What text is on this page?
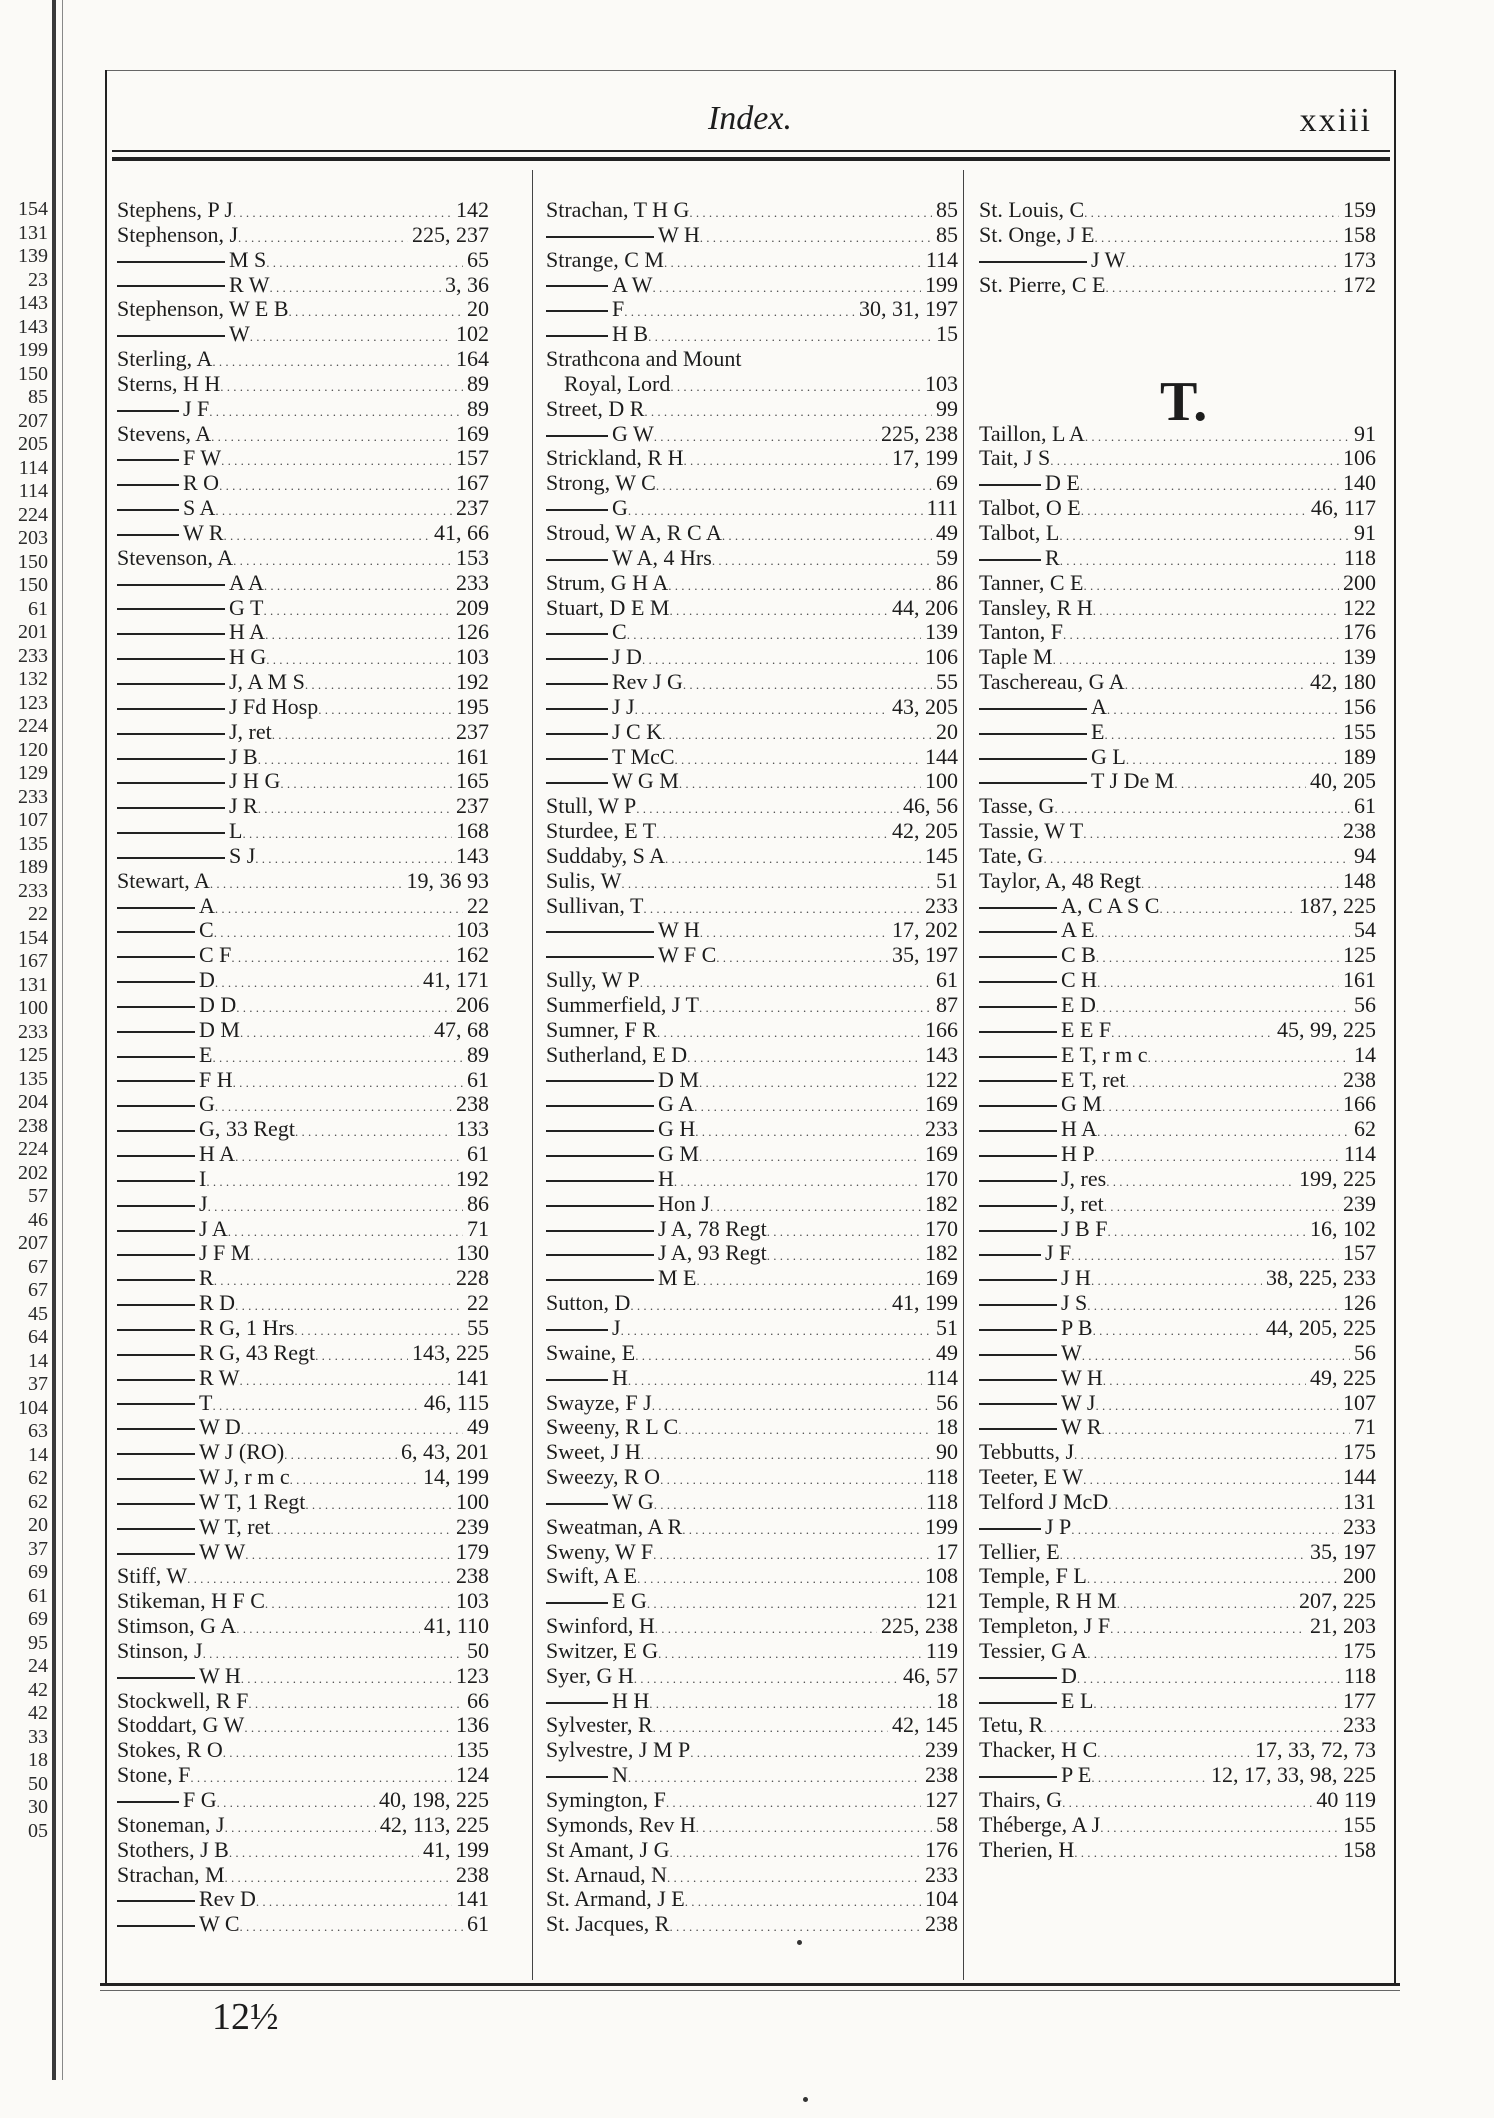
154
131
139
23
143
143
199
150
85
207
205
114
114
224
203
150
150
61
201
233
132
123
224
120
129
233
107
135
189
233
22
154
167
131
100
233
125
135
204
238
224
202
57
46
207
67
67
45
64
14
37
104
63
14
62
62
20
37
69
61
69
95
24
42
42
33
18
50
30
05
Index.	xxiii
Stephens, P J . . .	142
Stephenson, J . . .	225, 237
M S . . .	65
R W . . .	3, 36
Stephenson, W E B . . .	20
W . . .	102
Sterling, A . . .	164
Sterns, H H . . .	89
J F . . .	89
Stevens, A . . .	169
F W . . .	157
R O . . .	167
S A . . .	237
W R . . .	41, 66
Stevenson, A . . .	153
A A . . .	233
G T . . .	209
H A . . .	126
H G . . .	103
J, A M S . . .	192
J Fd Hosp . . .	195
J, ret . . .	237
J B . . .	161
J H G . . .	165
J R . . .	237
L . . .	168
S J . . .	143
Stewart, A . . .	19, 36 93
A . . .	22
C . . .	103
C F . . .	162
D . . .	41, 171
D D . . .	206
D M . . .	47, 68
E . . .	89
F H . . .	61
G . . .	238
G, 33 Regt . . .	133
H A . . .	61
I . . .	192
J . . .	86
J A . . .	71
J F M . . .	130
R . . .	228
R D . . .	22
R G, 1 Hrs . . .	55
R G, 43 Regt . . .	143, 225
R W . . .	141
T . . .	46, 115
W D . . .	49
W J (RO) . . .	6, 43, 201
W J, r m c . . .	14, 199
W T, 1 Regt . . .	100
W T, ret . . .	239
W W . . .	179
Stiff, W . . .	238
Stikeman, H F C . . .	103
Stimson, G A . . .	41, 110
Stinson, J . . .	50
W H . . .	123
Stockwell, R F . . .	66
Stoddart, G W . . .	136
Stokes, R O . . .	135
Stone, F . . .	124
F G . . .	40, 198, 225
Stoneman, J . . .	42, 113, 225
Stothers, J B . . .	41, 199
Strachan, M . . .	238
Rev D . . .	141
W C . . .	61
Strachan, T H G . . .	85
W H . . .	85
Strange, C M . . .	114
A W . . .	199
F . . .	30, 31, 197
H B . . .	15
Strathcona and Mount
Royal, Lord . . .	103
Street, D R . . .	99
G W . . .	225, 238
Strickland, R H . . .	17, 199
Strong, W C . . .	69
G . . .	111
Stroud, W A, R C A . . .	49
W A, 4 Hrs . . .	59
Strum, G H A . . .	86
Stuart, D E M . . .	44, 206
C . . .	139
J D . . .	106
Rev J G . . .	55
J J . . .	43, 205
J C K . . .	20
T McC . . .	144
W G M . . .	100
Stull, W P . . .	46, 56
Sturdee, E T . . .	42, 205
Suddaby, S A . . .	145
Sulis, W . . .	51
Sullivan, T . . .	233
W H . . .	17, 202
W F C . . .	35, 197
Sully, W P . . .	61
Summerfield, J T . . .	87
Sumner, F R . . .	166
Sutherland, E D . . .	143
D M . . .	122
G A . . .	169
G H . . .	233
G M . . .	169
H . . .	170
Hon J . . .	182
J A, 78 Regt . . .	170
J A, 93 Regt . . .	182
M E . . .	169
Sutton, D . . .	41, 199
J . . .	51
Swaine, E . . .	49
H . . .	114
Swayze, F J . . .	56
Sweeny, R L C . . .	18
Sweet, J H . . .	90
Sweezy, R O . . .	118
W G . . .	118
Sweatman, A R . . .	199
Sweny, W F . . .	17
Swift, A E . . .	108
E G . . .	121
Swinford, H . . .	225, 238
Switzer, E G . . .	119
Syer, G H . . .	46, 57
H H . . .	18
Sylvester, R . . .	42, 145
Sylvestre, J M P . . .	239
N . . .	238
Symington, F . . .	127
Symonds, Rev H . . .	58
St Amant, J G . . .	176
St. Arnaud, N . . .	233
St. Armand, J E . . .	104
St. Jacques, R . . .	238
St. Louis, C . . .	159
St. Onge, J E . . .	158
J W . . .	173
St. Pierre, C E . . .	172
Taillon, L A . . .	91
Tait, J S . . .	106
D E . . .	140
Talbot, O E . . .	46, 117
Talbot, L . . .	91
R . . .	118
Tanner, C E . . .	200
Tansley, R H . . .	122
Tanton, F . . .	176
Taple M . . .	139
Taschereau, G A . . .	42, 180
A . . .	156
E . . .	155
G L . . .	189
T J De M . . .	40, 205
Tasse, G . . .	61
Tassie, W T . . .	238
Tate, G . . .	94
Taylor, A, 48 Regt . . .	148
A, C A S C . . .	187, 225
A E . . .	54
C B . . .	125
C H . . .	161
E D . . .	56
E E F . . .	45, 99, 225
E T, r m c . . .	14
E T, ret . . .	238
G M . . .	166
H A . . .	62
H P . . .	114
J, res . . .	199, 225
J, ret . . .	239
J B F . . .	16, 102
J F . . .	157
J H . . .	38, 225, 233
J S . . .	126
P B . . .	44, 205, 225
W . . .	56
W H . . .	49, 225
W J . . .	107
W R . . .	71
Tebbutts, J . . .	175
Teeter, E W . . .	144
Telford J McD . . .	131
J P . . .	233
Tellier, E . . .	35, 197
Temple, F L . . .	200
Temple, R H M . . .	207, 225
Templeton, J F . . .	21, 203
Tessier, G A . . .	175
D . . .	118
E L . . .	177
Tetu, R . . .	233
Thacker, H C . . .	17, 33, 72, 73
P E . . .	12, 17, 33, 98, 225
Thairs, G . . .	40 119
Théberge, A J . . .	155
Therien, H . . .	158
T.
12½
